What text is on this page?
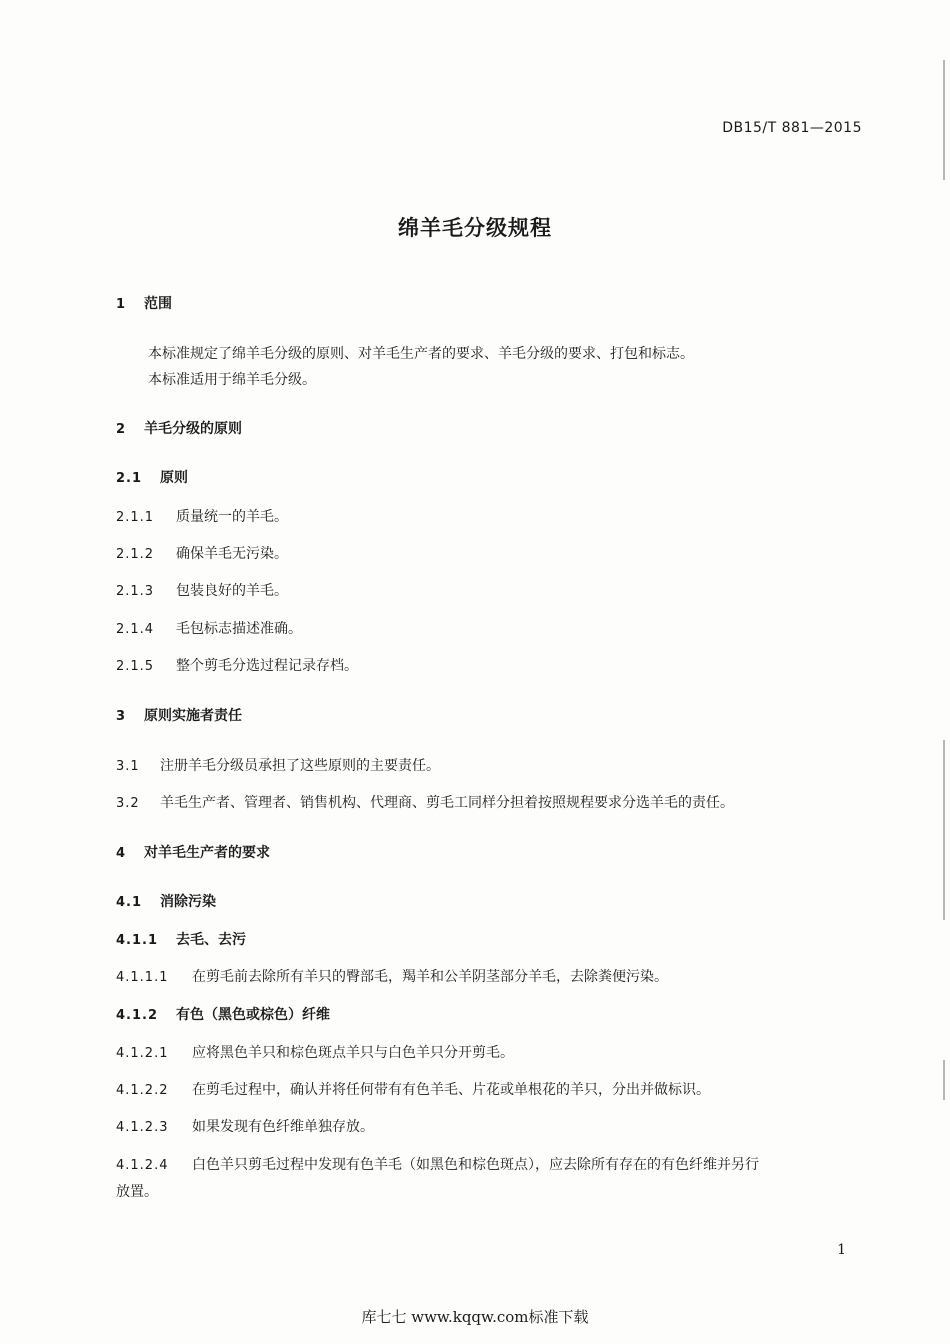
DB15/T 881—2015
绵羊毛分级规程
1 范围
本标准规定了绵羊毛分级的原则、对羊毛生产者的要求、羊毛分级的要求、打包和标志。
本标准适用于绵羊毛分级。
2 羊毛分级的原则
2.1 原则
2.1.1 质量统一的羊毛。
2.1.2 确保羊毛无污染。
2.1.3 包装良好的羊毛。
2.1.4 毛包标志描述准确。
2.1.5 整个剪毛分选过程记录存档。
3 原则实施者责任
3.1 注册羊毛分级员承担了这些原则的主要责任。
3.2 羊毛生产者、管理者、销售机构、代理商、剪毛工同样分担着按照规程要求分选羊毛的责任。
4 对羊毛生产者的要求
4.1 消除污染
4.1.1 去毛、去污
4.1.1.1 在剪毛前去除所有羊只的臀部毛，羯羊和公羊阴茎部分羊毛，去除粪便污染。
4.1.2 有色（黑色或棕色）纤维
4.1.2.1 应将黑色羊只和棕色斑点羊只与白色羊只分开剪毛。
4.1.2.2 在剪毛过程中，确认并将任何带有有色羊毛、片花或单根花的羊只，分出并做标识。
4.1.2.3 如果发现有色纤维单独存放。
4.1.2.4 白色羊只剪毛过程中发现有色羊毛（如黑色和棕色斑点），应去除所有存在的有色纤维并另行
放置。
1
库七七 www.kqqw.com标准下载
